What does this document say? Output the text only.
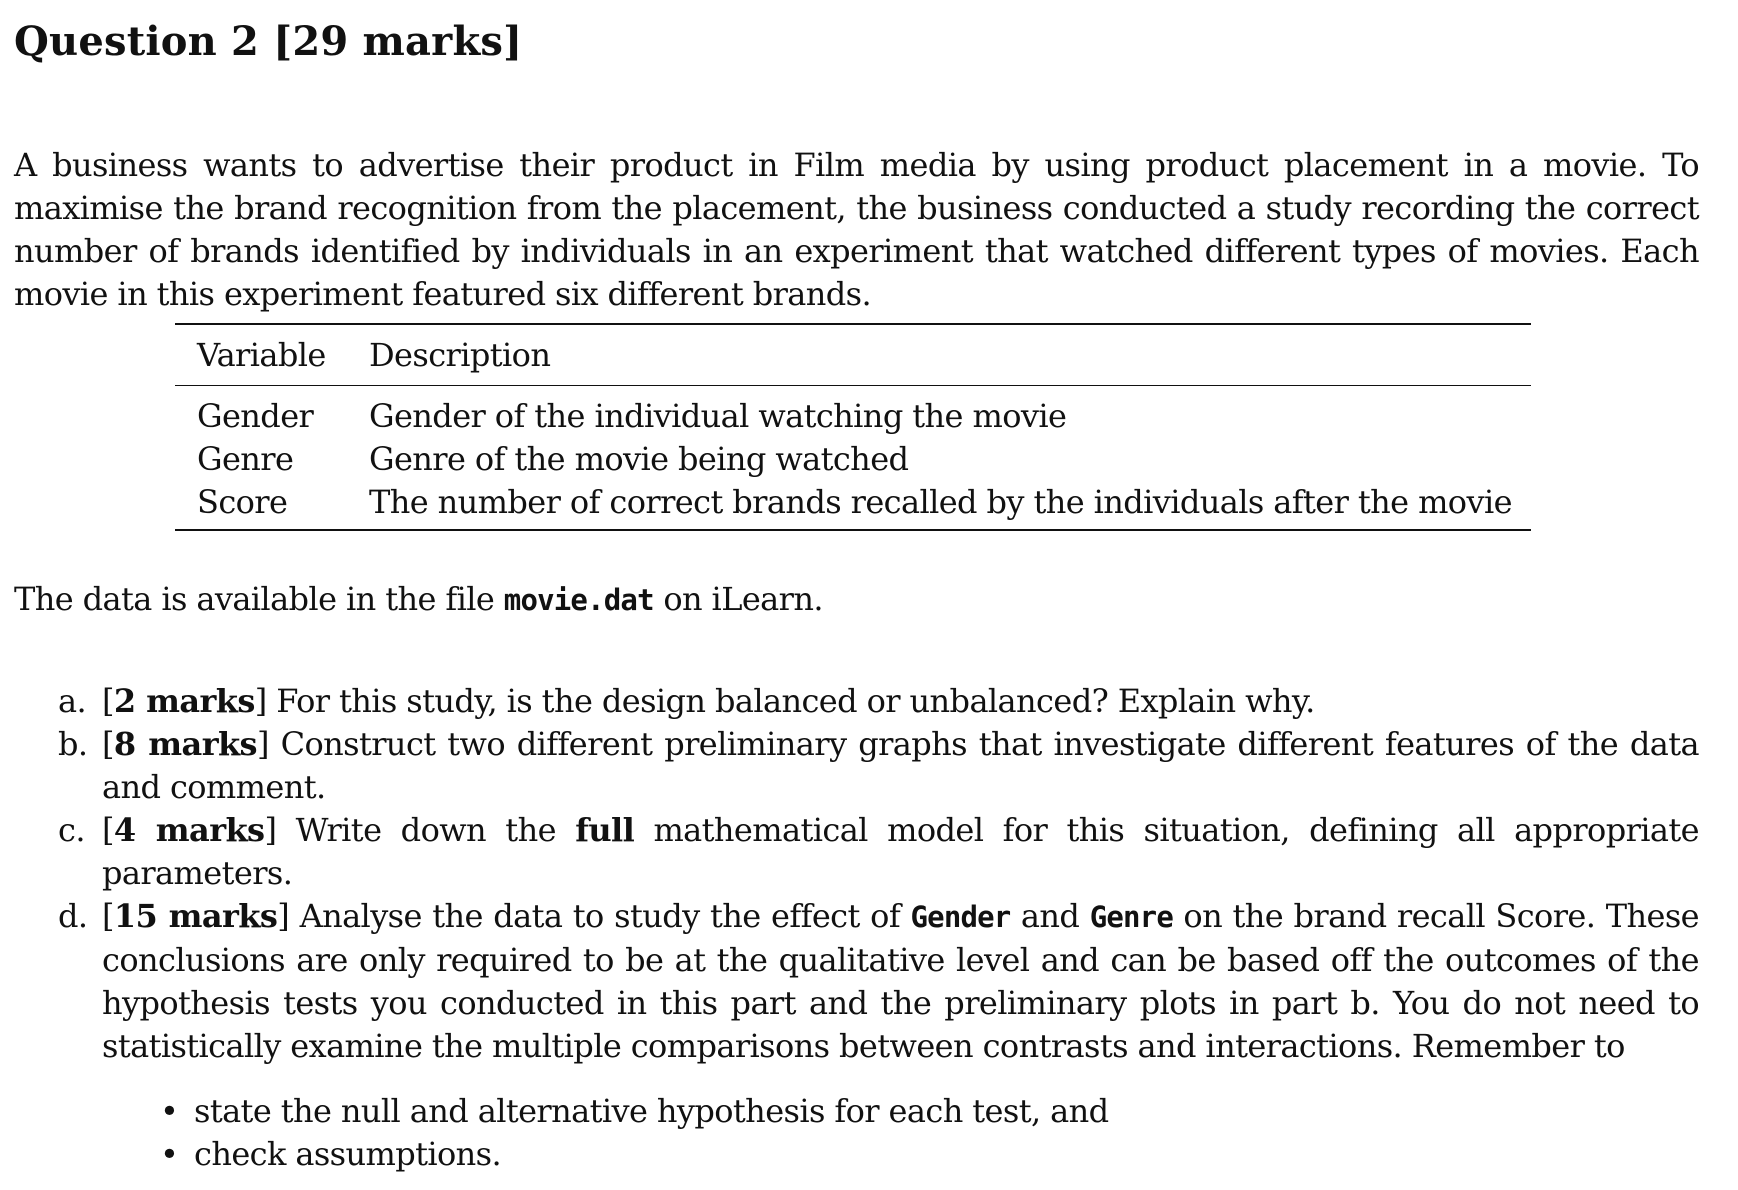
Question 2 [29 marks]

A business wants to advertise their product in Film media by using product placement in a movie. To maximise the brand recognition from the placement, the business conducted a study recording the correct number of brands identified by individuals in an experiment that watched different types of movies. Each movie in this experiment featured six different brands.

Variable	Description
Gender	Gender of the individual watching the movie
Genre	Genre of the movie being watched
Score	The number of correct brands recalled by the individuals after the movie
The data is available in the file movie.dat on iLearn.
a. [2 marks] For this study, is the design balanced or unbalanced? Explain why.
b. [8 marks] Construct two different preliminary graphs that investigate different features of the data and comment.
c. [4 marks] Write down the full mathematical model for this situation, defining all appropriate parameters.
d. [15 marks] Analyse the data to study the effect of Gender and Genre on the brand recall Score. These conclusions are only required to be at the qualitative level and can be based off the outcomes of the hypothesis tests you conducted in this part and the preliminary plots in part b. You do not need to statistically examine the multiple comparisons between contrasts and interactions. Remember to
• state the null and alternative hypothesis for each test, and
• check assumptions.
